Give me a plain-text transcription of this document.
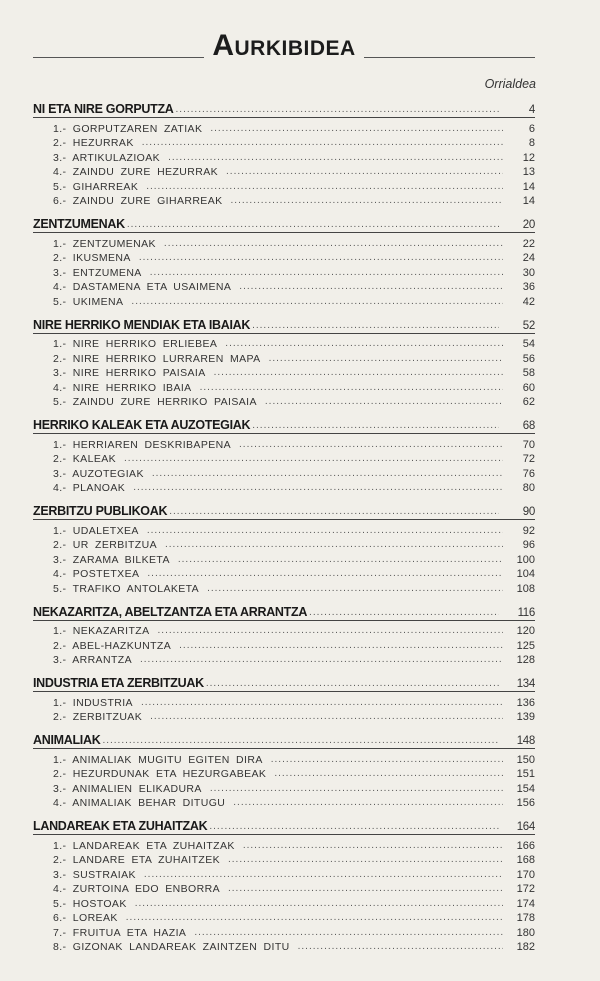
Aurkibidea
Orrialdea
NI ETA NIRE GORPUTZA .....	4
1.- GORPUTZAREN ZATIAK .....	6
2.- HEZURRAK .....	8
3.- ARTIKULAZIOAK .....	12
4.- ZAINDU ZURE HEZURRAK .....	13
5.- GIHARREAK .....	14
6.- ZAINDU ZURE GIHARREAK .....	14
ZENTZUMENAK .....	20
1.- ZENTZUMENAK .....	22
2.- IKUSMENA .....	24
3.- ENTZUMENA .....	30
4.- DASTAMENA ETA USAIMENA .....	36
5.- UKIMENA .....	42
NIRE HERRIKO MENDIAK ETA IBAIAK .....	52
1.- NIRE HERRIKO ERLIEBEA .....	54
2.- NIRE HERRIKO LURRAREN MAPA .....	56
3.- NIRE HERRIKO PAISAIA .....	58
4.- NIRE HERRIKO IBAIA .....	60
5.- ZAINDU ZURE HERRIKO PAISAIA .....	62
HERRIKO KALEAK ETA AUZOTEGIAK .....	68
1.- HERRIAREN DESKRIBAPENA .....	70
2.- KALEAK .....	72
3.- AUZOTEGIAK .....	76
4.- PLANOAK .....	80
ZERBITZU PUBLIKOAK .....	90
1.- UDALETXEA .....	92
2.- UR ZERBITZUA .....	96
3.- ZARAMA BILKETA .....	100
4.- POSTETXEA .....	104
5.- TRAFIKO ANTOLAKETA .....	108
NEKAZARITZA, ABELTZANTZA ETA ARRANTZA .....	116
1.- NEKAZARITZA .....	120
2.- ABEL-HAZKUNTZA .....	125
3.- ARRANTZA .....	128
INDUSTRIA ETA ZERBITZUAK .....	134
1.- INDUSTRIA .....	136
2.- ZERBITZUAK .....	139
ANIMALIAK .....	148
1.- ANIMALIAK MUGITU EGITEN DIRA .....	150
2.- HEZURDUNAK ETA HEZURGABEAK .....	151
3.- ANIMALIEN ELIKADURA .....	154
4.- ANIMALIAK BEHAR DITUGU .....	156
LANDAREAK ETA ZUHAITZAK .....	164
1.- LANDAREAK ETA ZUHAITZAK .....	166
2.- LANDARE ETA ZUHAITZEK .....	168
3.- SUSTRAIAK .....	170
4.- ZURTOINA EDO ENBORRA .....	172
5.- HOSTOAK .....	174
6.- LOREAK .....	178
7.- FRUITUA ETA HAZIA .....	180
8.- GIZONAK LANDAREAK ZAINTZEN DITU .....	182
